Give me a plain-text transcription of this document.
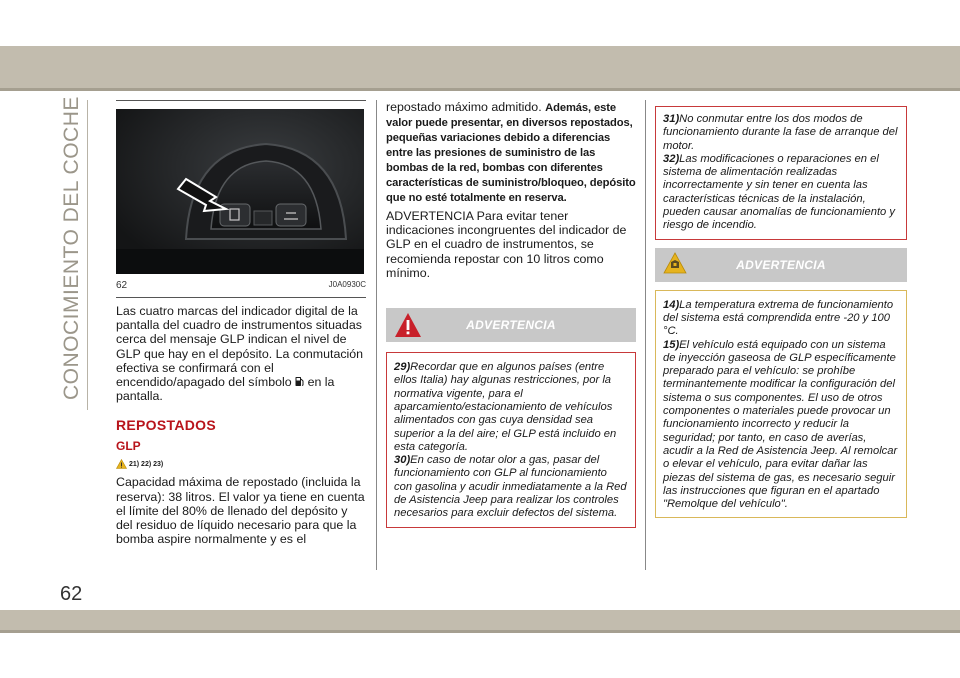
CONOCIMIENTO DEL COCHE
62
62	J0A0930C

Las cuatro marcas del indicador digital de la pantalla del cuadro de instrumentos situadas cerca del mensaje GLP indican el nivel de GLP que hay en el depósito. La conmutación efectiva se confirmará con el encendido/apagado del símbolo en la pantalla.

REPOSTADOS
GLP
21) 22) 23)

Capacidad máxima de repostado (incluida la reserva): 38 litros. El valor ya tiene en cuenta el límite del 80% de llenado del depósito y del residuo de líquido necesario para que la bomba aspire normalmente y es el

repostado máximo admitido. Además, este valor puede presentar, en diversos repostados, pequeñas variaciones debido a diferencias entre las presiones de suministro de las bombas de la red, bombas con diferentes características de suministro/bloqueo, depósito que no esté totalmente en reserva.

ADVERTENCIA Para evitar tener indicaciones incongruentes del indicador de GLP en el cuadro de instrumentos, se recomienda repostar con 10 litros como mínimo.

ADVERTENCIA

29)Recordar que en algunos países (entre ellos Italia) hay algunas restricciones, por la normativa vigente, para el aparcamiento/estacionamiento de vehículos alimentados con gas cuya densidad sea superior a la del aire; el GLP está incluido en esta categoría.

30)En caso de notar olor a gas, pasar del funcionamiento con GLP al funcionamiento con gasolina y acudir inmediatamente a la Red de Asistencia Jeep para realizar los controles necesarios para excluir defectos del sistema.

31)No conmutar entre los dos modos de funcionamiento durante la fase de arranque del motor.

32)Las modificaciones o reparaciones en el sistema de alimentación realizadas incorrectamente y sin tener en cuenta las características técnicas de la instalación, pueden causar anomalías de funcionamiento y riesgo de incendio.

ADVERTENCIA

14)La temperatura extrema de funcionamiento del sistema está comprendida entre -20 y 100 °C.

15)El vehículo está equipado con un sistema de inyección gaseosa de GLP específicamente preparado para el vehículo: se prohíbe terminantemente modificar la configuración del sistema o sus componentes. El uso de otros componentes o materiales puede provocar un funcionamiento incorrecto y reducir la seguridad; por tanto, en caso de averías, acudir a la Red de Asistencia Jeep. Al remolcar o elevar el vehículo, para evitar dañar las piezas del sistema de gas, es necesario seguir las instrucciones que figuran en el apartado "Remolque del vehículo".
